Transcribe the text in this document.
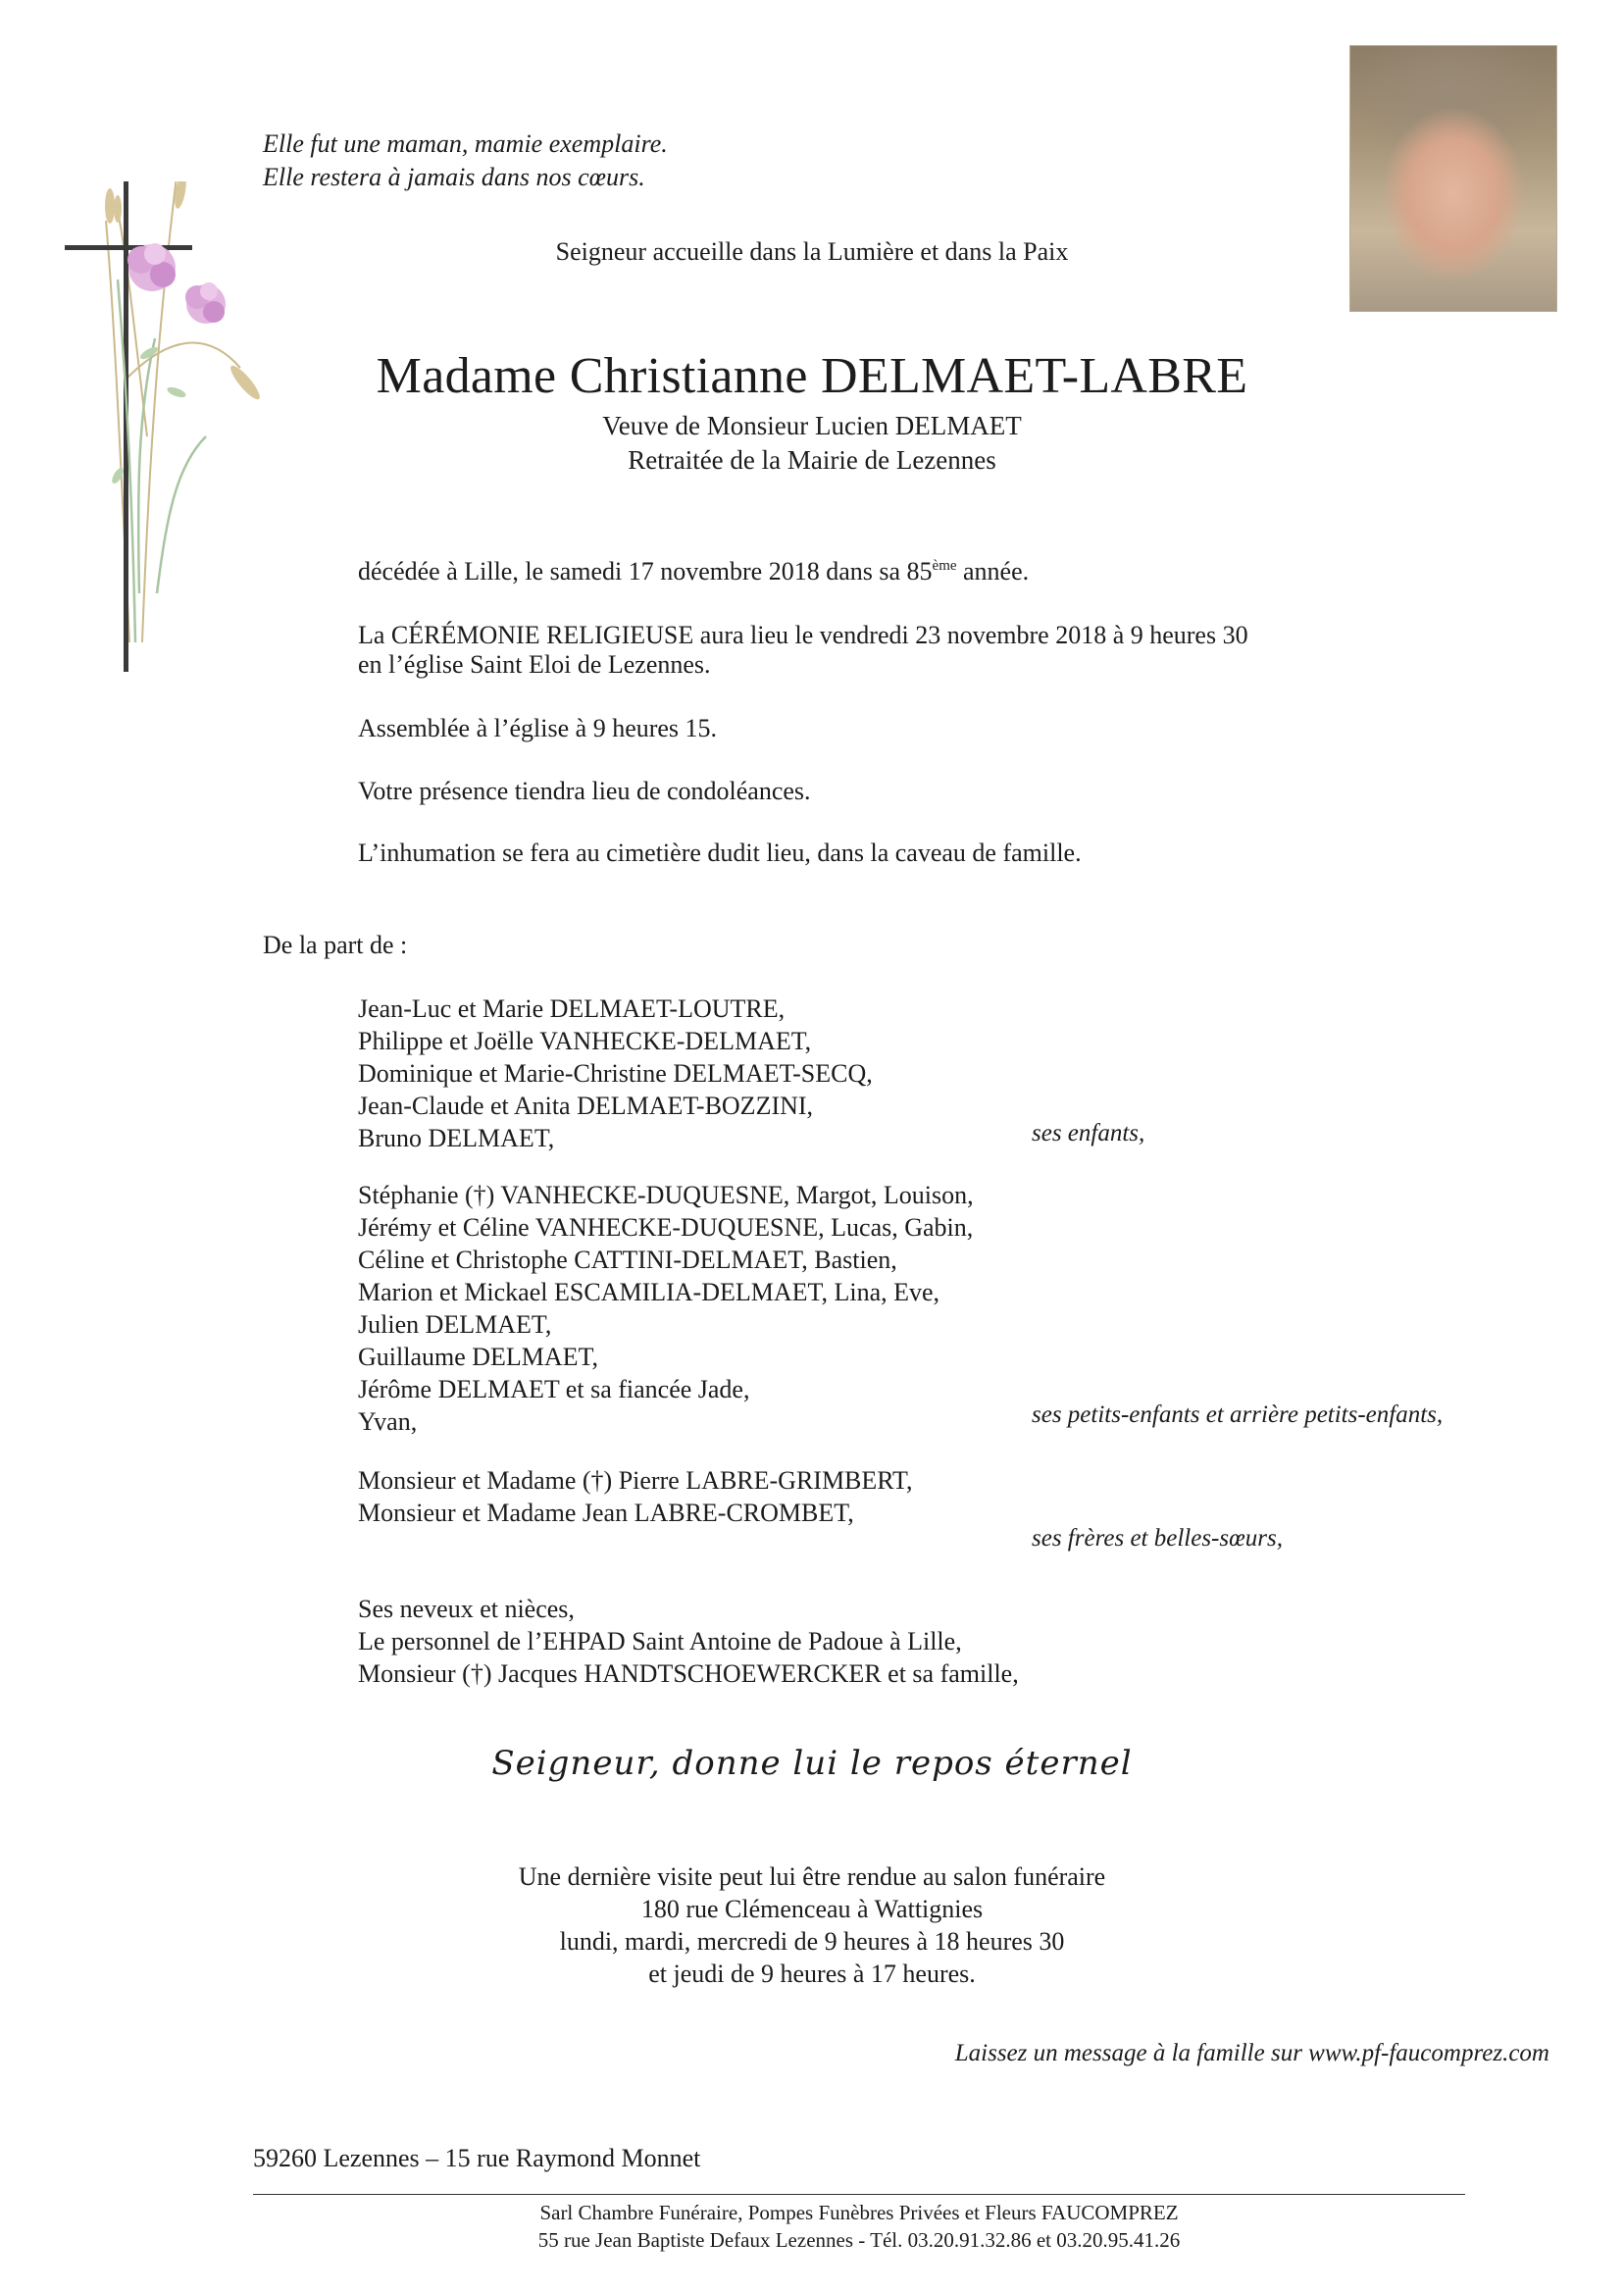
Elle fut une maman, mamie exemplaire.
Elle restera à jamais dans nos cœurs.
Seigneur accueille dans la Lumière et dans la Paix
Madame Christianne DELMAET-LABRE
Veuve de Monsieur Lucien DELMAET
Retraitée de la Mairie de Lezennes
décédée à Lille, le samedi 17 novembre 2018 dans sa 85ème année.
La CÉRÉMONIE RELIGIEUSE aura lieu le vendredi 23 novembre 2018 à 9 heures 30
en l’église Saint Eloi de Lezennes.
Assemblée à l’église à 9 heures 15.
Votre présence tiendra lieu de condoléances.
L’inhumation se fera au cimetière dudit lieu, dans la caveau de famille.
De la part de :
Jean-Luc et Marie DELMAET-LOUTRE,
Philippe et Joëlle VANHECKE-DELMAET,
Dominique et Marie-Christine DELMAET-SECQ,
Jean-Claude et Anita DELMAET-BOZZINI,
Bruno DELMAET,	ses enfants,
Stéphanie (†) VANHECKE-DUQUESNE, Margot, Louison,
Jérémy et Céline VANHECKE-DUQUESNE, Lucas, Gabin,
Céline et Christophe CATTINI-DELMAET, Bastien,
Marion et Mickael ESCAMILIA-DELMAET, Lina, Eve,
Julien DELMAET,
Guillaume DELMAET,
Jérôme DELMAET et sa fiancée Jade,
Yvan,	ses petits-enfants et arrière petits-enfants,
Monsieur et Madame (†) Pierre LABRE-GRIMBERT,
Monsieur et Madame Jean LABRE-CROMBET,
ses frères et belles-sœurs,
Ses neveux et nièces,
Le personnel de l’EHPAD Saint Antoine de Padoue à Lille,
Monsieur (†) Jacques HANDTSCHOEWERCKER et sa famille,
Seigneur, donne lui le repos éternel
Une dernière visite peut lui être rendue au salon funéraire
180 rue Clémenceau à Wattignies
lundi, mardi, mercredi de 9 heures à 18 heures 30
et jeudi de 9 heures à 17 heures.
Laissez un message à la famille sur www.pf-faucomprez.com
59260 Lezennes – 15 rue Raymond Monnet
Sarl Chambre Funéraire, Pompes Funèbres Privées et Fleurs FAUCOMPREZ
55 rue Jean Baptiste Defaux Lezennes - Tél. 03.20.91.32.86 et 03.20.95.41.26
